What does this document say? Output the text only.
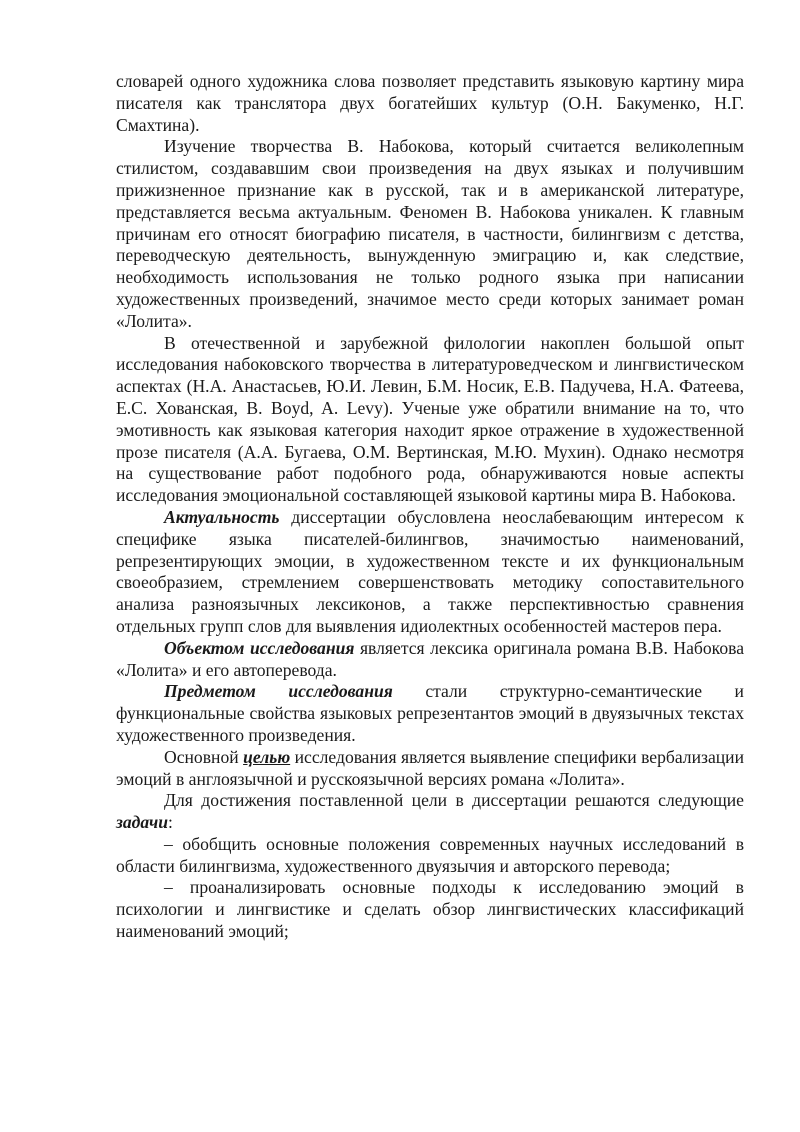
словарей одного художника слова позволяет представить языковую картину мира писателя как транслятора двух богатейших культур (О.Н. Бакуменко, Н.Г. Смахтина).

Изучение творчества В. Набокова, который считается великолепным стилистом, создававшим свои произведения на двух языках и получившим прижизненное признание как в русской, так и в американской литературе, представляется весьма актуальным. Феномен В. Набокова уникален. К главным причинам его относят биографию писателя, в частности, билингвизм с детства, переводческую деятельность, вынужденную эмиграцию и, как следствие, необходимость использования не только родного языка при написании художественных произведений, значимое место среди которых занимает роман «Лолита».

В отечественной и зарубежной филологии накоплен большой опыт исследования набоковского творчества в литературоведческом и лингвистическом аспектах (Н.А. Анастасьев, Ю.И. Левин, Б.М. Носик, Е.В. Падучева, Н.А. Фатеева, Е.С. Хованская, B. Boyd, A. Levy). Ученые уже обратили внимание на то, что эмотивность как языковая категория находит яркое отражение в художественной прозе писателя (А.А. Бугаева, О.М. Вертинская, М.Ю. Мухин). Однако несмотря на существование работ подобного рода, обнаруживаются новые аспекты исследования эмоциональной составляющей языковой картины мира В. Набокова.

Актуальность диссертации обусловлена неослабевающим интересом к специфике языка писателей-билингвов, значимостью наименований, репрезентирующих эмоции, в художественном тексте и их функциональным своеобразием, стремлением совершенствовать методику сопоставительного анализа разноязычных лексиконов, а также перспективностью сравнения отдельных групп слов для выявления идиолектных особенностей мастеров пера.

Объектом исследования является лексика оригинала романа В.В. Набокова «Лолита» и его автоперевода.

Предметом исследования стали структурно-семантические и функциональные свойства языковых репрезентантов эмоций в двуязычных текстах художественного произведения.

Основной целью исследования является выявление специфики вербализации эмоций в англоязычной и русскоязычной версиях романа «Лолита».

Для достижения поставленной цели в диссертации решаются следующие задачи:

– обобщить основные положения современных научных исследований в области билингвизма, художественного двуязычия и авторского перевода;

– проанализировать основные подходы к исследованию эмоций в психологии и лингвистике и сделать обзор лингвистических классификаций наименований эмоций;
